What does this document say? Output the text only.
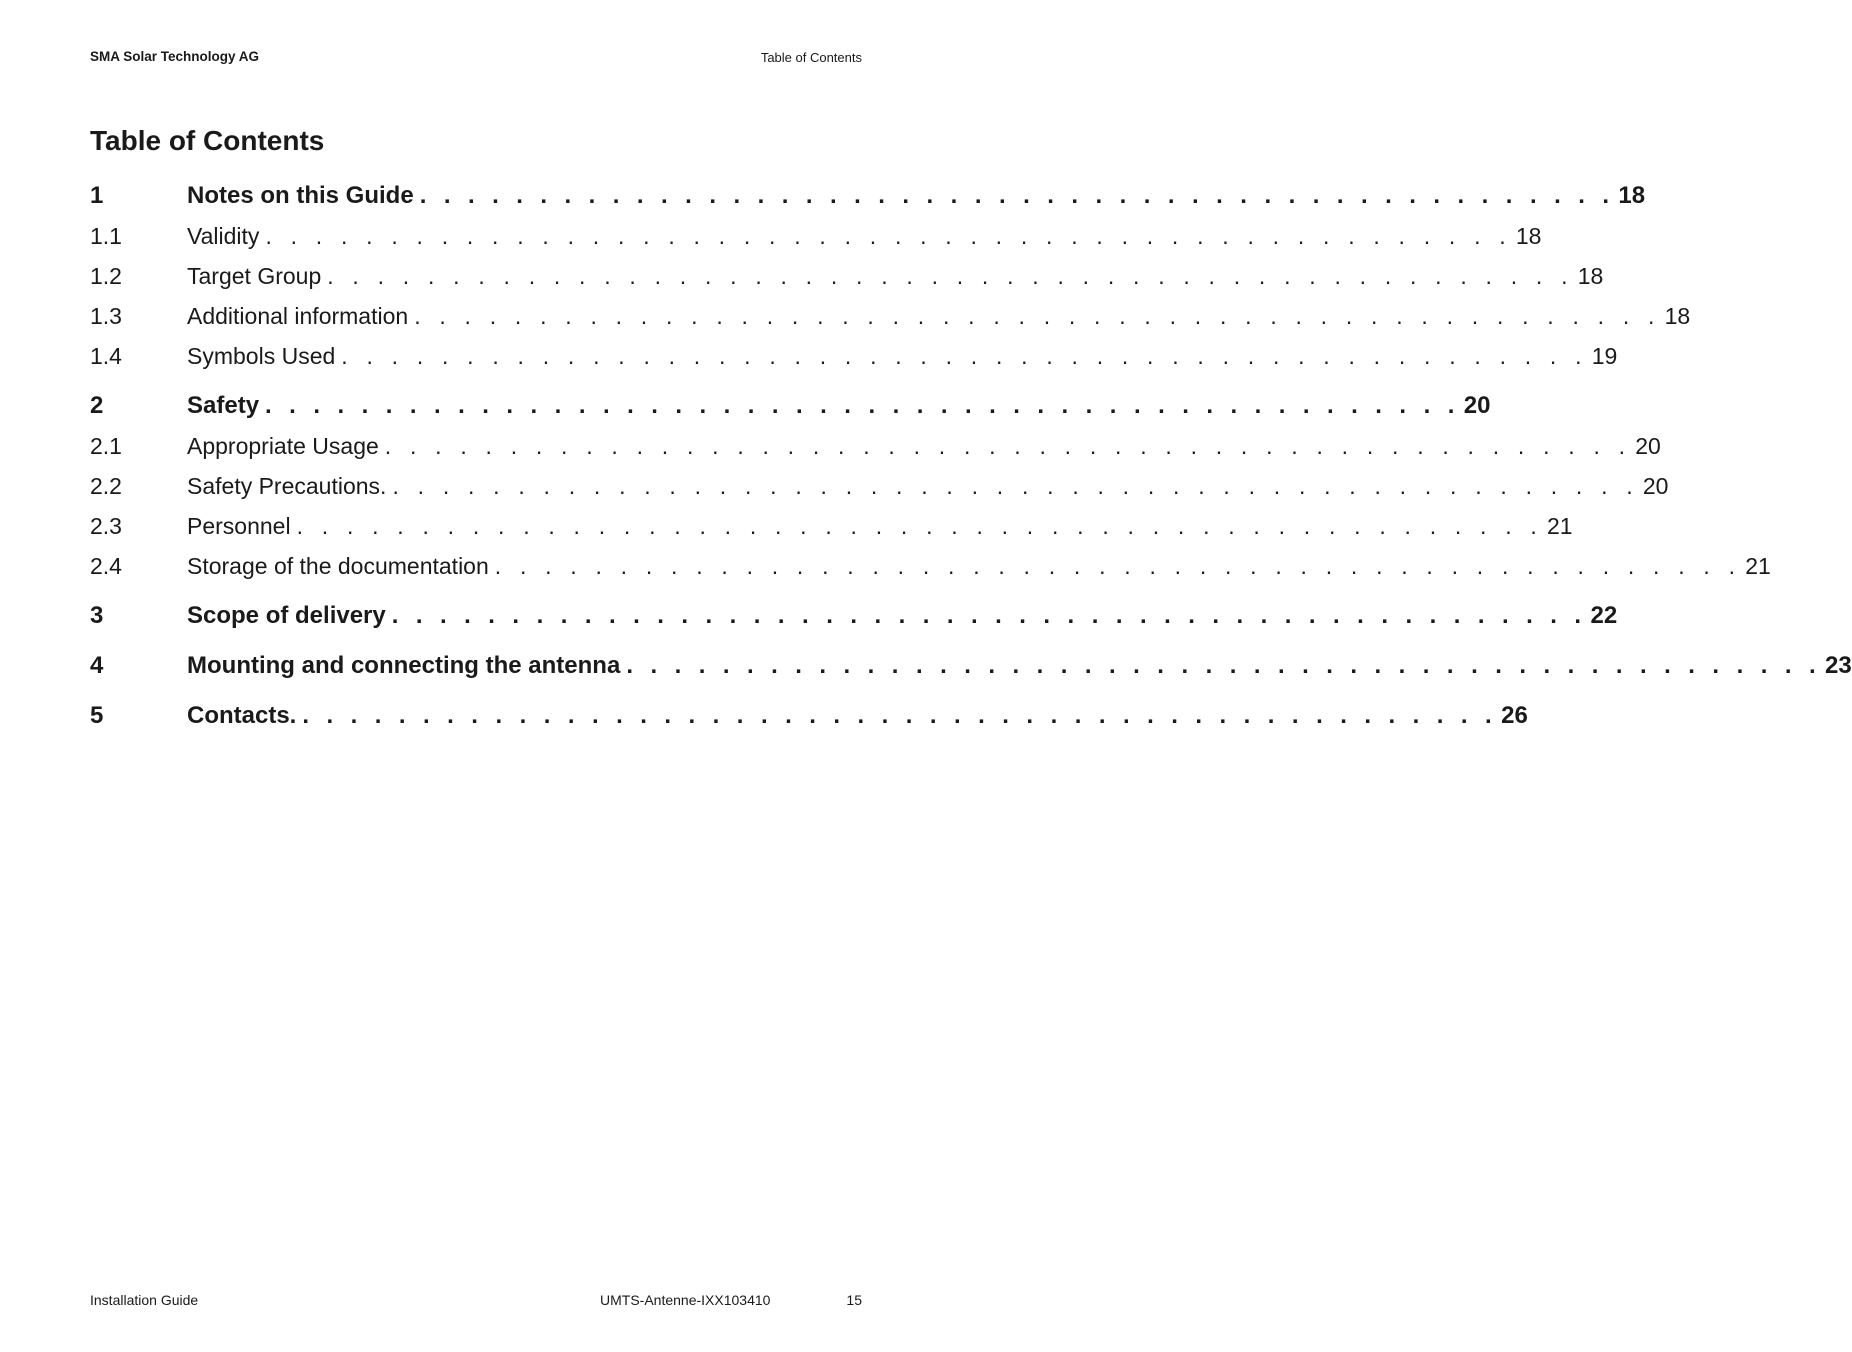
SMA Solar Technology AG	Table of Contents
Table of Contents
1	Notes on this Guide . . . . . . . . . . . . . . . . . . . . . . . . . . . . . . . . . . . . . . . . . . . . . . . . . . 18
1.1	Validity . . . . . . . . . . . . . . . . . . . . . . . . . . . . . . . . . . . . . . . . . . . . . . . . . . 18
1.2	Target Group . . . . . . . . . . . . . . . . . . . . . . . . . . . . . . . . . . . . . . . . . . . . . . . . . . 18
1.3	Additional information . . . . . . . . . . . . . . . . . . . . . . . . . . . . . . . . . . . . . . . . . . . . . . . . . . 18
1.4	Symbols Used . . . . . . . . . . . . . . . . . . . . . . . . . . . . . . . . . . . . . . . . . . . . . . . . . . 19
2	Safety . . . . . . . . . . . . . . . . . . . . . . . . . . . . . . . . . . . . . . . . . . . . . . . . . . 20
2.1	Appropriate Usage . . . . . . . . . . . . . . . . . . . . . . . . . . . . . . . . . . . . . . . . . . . . . . . . . . 20
2.2	Safety Precautions. . . . . . . . . . . . . . . . . . . . . . . . . . . . . . . . . . . . . . . . . . . . . . . . . . . 20
2.3	Personnel . . . . . . . . . . . . . . . . . . . . . . . . . . . . . . . . . . . . . . . . . . . . . . . . . . 21
2.4	Storage of the documentation . . . . . . . . . . . . . . . . . . . . . . . . . . . . . . . . . . . . . . . . . . . . . . . . . . 21
3	Scope of delivery . . . . . . . . . . . . . . . . . . . . . . . . . . . . . . . . . . . . . . . . . . . . . . . . . . 22
4	Mounting and connecting the antenna . . . . . . . . . . . . . . . . . . . . . . . . . . . . . . . . . . . . . . . . . . . . . . . . . . 23
5	Contacts. . . . . . . . . . . . . . . . . . . . . . . . . . . . . . . . . . . . . . . . . . . . . . . . . . . 26
Installation Guide	UMTS-Antenne-IXX103410	15
